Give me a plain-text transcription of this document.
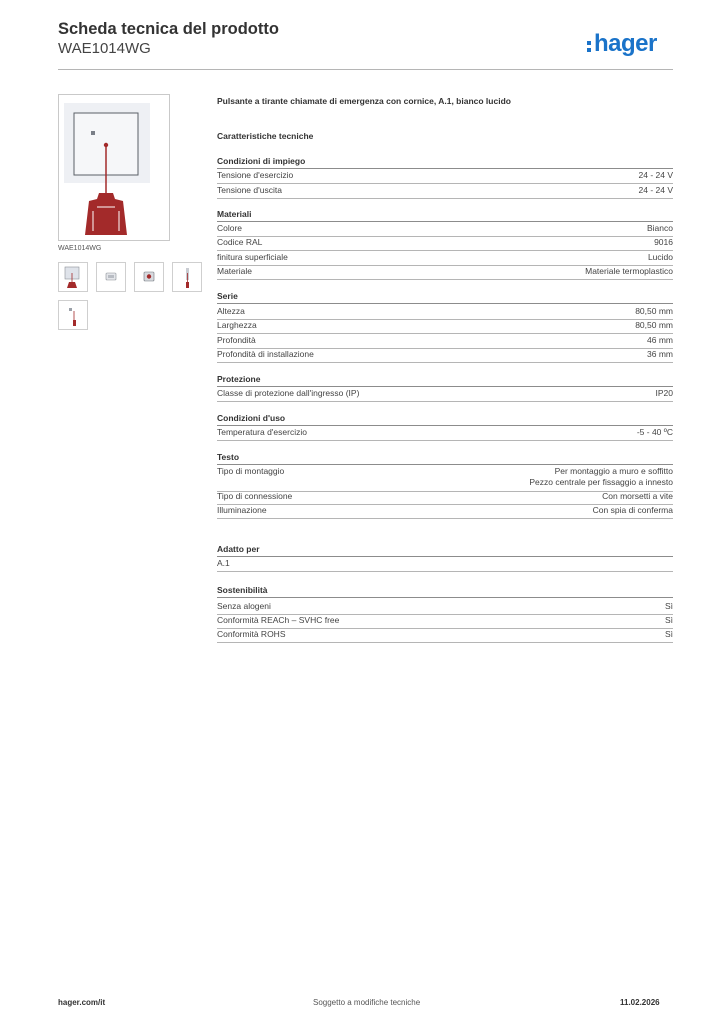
Scheda tecnica del prodotto
WAE1014WG	hager
WAE1014WG
Pulsante a tirante chiamate di emergenza con cornice, A.1, bianco lucido
Caratteristiche tecniche
Condizioni di impiego
Tensione d'esercizio	24 - 24 V
Tensione d'uscita	24 - 24 V
Materiali
Colore	Bianco
Codice RAL	9016
finitura superficiale	Lucido
Materiale	Materiale termoplastico
Serie
Altezza	80,50 mm
Larghezza	80,50 mm
Profondità	46 mm
Profondità di installazione	36 mm
Protezione
Classe di protezione dall'ingresso (IP)	IP20
Condizioni d'uso
Temperatura d'esercizio	-5 - 40 ºC
Testo
Tipo di montaggio	Per montaggio a muro e soffitto
Pezzo centrale per fissaggio a innesto
Tipo di connessione	Con morsetti a vite
Illuminazione	Con spia di conferma
Adatto per
A.1
Sostenibilità
Senza alogeni	Sì
Conformità REACh – SVHC free	Sì
Conformità ROHS	Sì
hager.com/it	Soggetto a modifiche tecniche	11.02.2026
